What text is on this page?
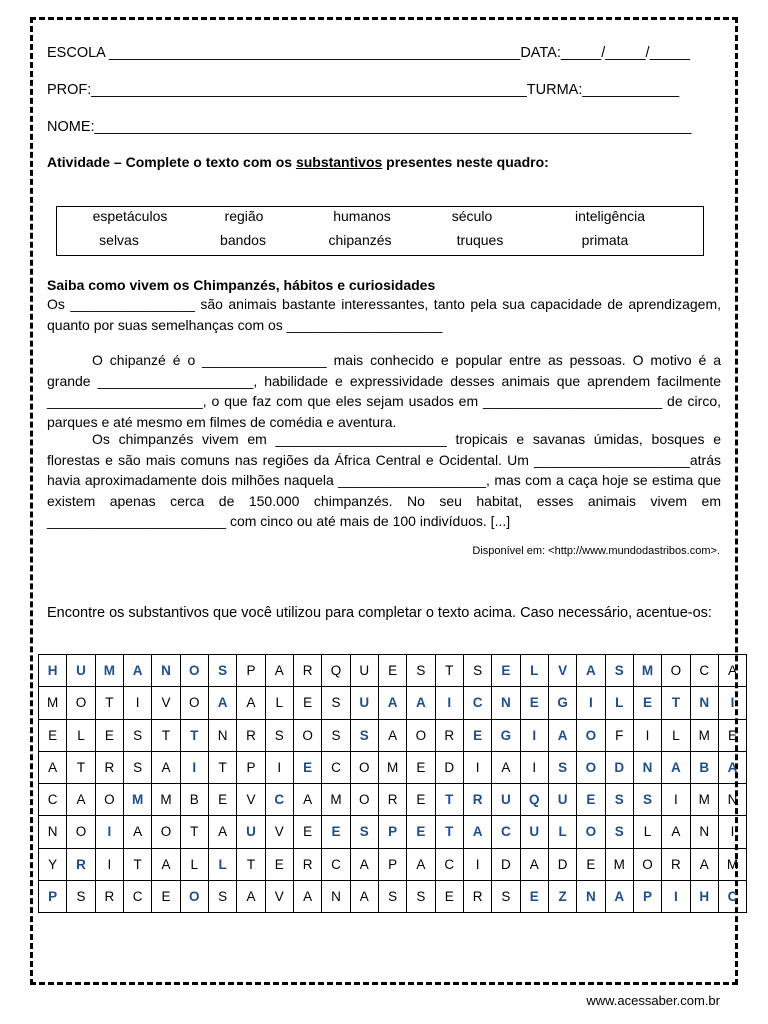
ESCOLA ___________________________________________________DATA:_____/_____/_____
PROF:______________________________________________________TURMA:____________
NOME:__________________________________________________________________________
Atividade – Complete o texto com os substantivos presentes neste quadro:
espetáculos	região	humanos	século	inteligência
selvas	bandos	chipanzés	truques	primata
Saiba como vivem os Chimpanzés, hábitos e curiosidades

Os ________________ são animais bastante interessantes, tanto pela sua capacidade de aprendizagem, quanto por suas semelhanças com os ____________________

O chipanzé é o ________________ mais conhecido e popular entre as pessoas. O motivo é a grande ____________________, habilidade e expressividade desses animais que aprendem facilmente ____________________, o que faz com que eles sejam usados em _______________________ de circo, parques e até mesmo em filmes de comédia e aventura.

Os chimpanzés vivem em ______________________ tropicais e savanas úmidas, bosques e florestas e são mais comuns nas regiões da África Central e Ocidental. Um ____________________atrás havia aproximadamente dois milhões naquela ___________________, mas com a caça hoje se estima que existem apenas cerca de 150.000 chimpanzés. No seu habitat, esses animais vivem em _______________________ com cinco ou até mais de 100 indivíduos. [...]

Disponível em: <http://www.mundodastribos.com>.
Encontre os substantivos que você utilizou para completar o texto acima. Caso necessário, acentue-os:
H	U	M	A	N	O	S	P	A	R	Q	U	E	S	T	S	E	L	V	A	S	M	O	C	A
M	O	T	I	V	O	A	A	L	E	S	U	A	A	I	C	N	E	G	I	L	E	T	N	I
E	L	E	S	T	T	N	R	S	O	S	S	A	O	R	E	G	I	A	O	F	I	L	M	E
A	T	R	S	A	I	T	P	I	E	C	O	M	E	D	I	A	I	S	O	D	N	A	B	A
C	A	O	M	M	B	E	V	C	A	M	O	R	E	T	R	U	Q	U	E	S	S	I	M	N
N	O	I	A	O	T	A	U	V	E	E	S	P	E	T	A	C	U	L	O	S	L	A	N	I
Y	R	I	T	A	L	L	T	E	R	C	A	P	A	C	I	D	A	D	E	M	O	R	A	M
P	S	R	C	E	O	S	A	V	A	N	A	S	S	E	R	S	E	Z	N	A	P	I	H	C
www.acessaber.com.br
